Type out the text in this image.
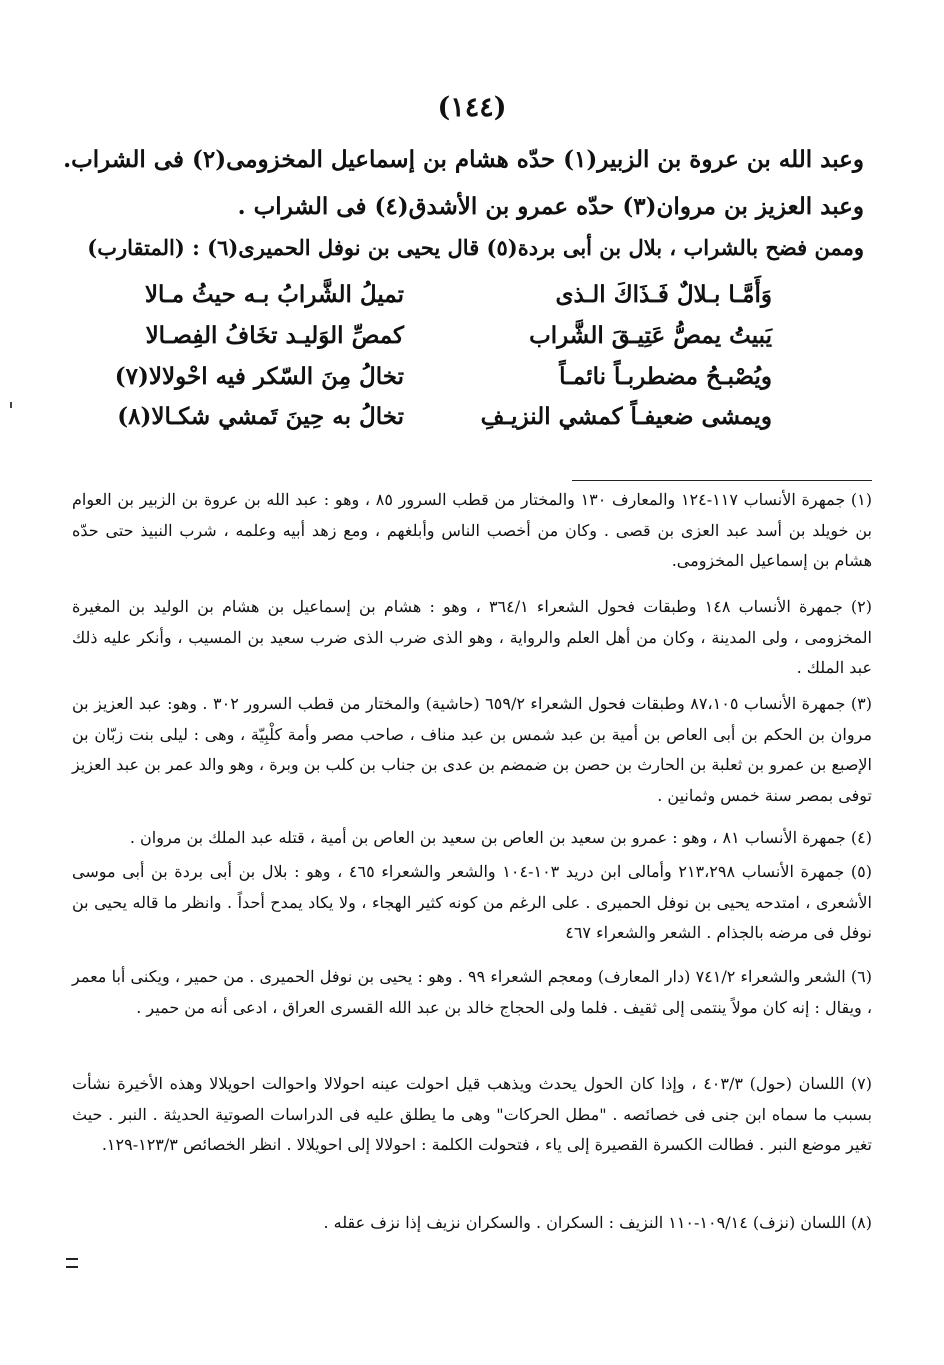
(١٤٤)
وعبد الله بن عروة بن الزبير(١) حدّه هشام بن إسماعيل المخزومى(٢) فى الشراب.
وعبد العزيز بن مروان(٣) حدّه عمرو بن الأشدق(٤) فى الشراب .
وممن فضح بالشراب ، بلال بن أبى بردة(٥) قال يحيى بن نوفل الحميرى(٦) : (المتقارب)
وَأَمَّـا بـلالٌ فَـذَاكَ الـذى
تميلُ الشَّرابُ بـه حيثُ مـالا
يَبيتُ يمصُّ عَتِيـقَ الشَّراب
كمصِّ الوَليـد تخَافُ الفِصـالا
ويُصْبـحُ مضطربـاً نائمـاً
تخالُ مِنَ السّكر فيه احْولالا(٧)
ويمشى ضعيفـاً كمشي النزيـفِ
تخالُ به حِينَ تَمشي شكـالا(٨)
(١) جمهرة الأنساب ١١٧-١٢٤ والمعارف ١٣٠ والمختار من قطب السرور ٨٥ ، وهو : عبد الله بن عروة بن الزبير بن العوام بن خويلد بن أسد عبد العزى بن قصى . وكان من أخصب الناس وأبلغهم ، ومع زهد أبيه وعلمه ، شرب النبيذ حتى حدّه هشام بن إسماعيل المخزومى.
(٢) جمهرة الأنساب ١٤٨ وطبقات فحول الشعراء ٣٦٤/١ ، وهو : هشام بن إسماعيل بن هشام بن الوليد بن المغيرة المخزومى ، ولى المدينة ، وكان من أهل العلم والرواية ، وهو الذى ضرب الذى ضرب سعيد بن المسيب ، وأنكر عليه ذلك عبد الملك .
(٣) جمهرة الأنساب ٨٧،١٠٥ وطبقات فحول الشعراء ٦٥٩/٢ (حاشية) والمختار من قطب السرور ٣٠٢ . وهو: عبد العزيز بن مروان بن الحكم بن أبى العاص بن أمية بن عبد شمس بن عبد مناف ، صاحب مصر وأمة كلْبِيّة ، وهى : ليلى بنت زبّان بن الإصبع بن عمرو بن ثعلبة بن الحارث بن حصن بن ضمضم بن عدى بن جناب بن كلب بن وبرة ، وهو والد عمر بن عبد العزيز توفى بمصر سنة خمس وثمانين .
(٤) جمهرة الأنساب ٨١ ، وهو : عمرو بن سعيد بن العاص بن سعيد بن العاص بن أمية ، قتله عبد الملك بن مروان .
(٥) جمهرة الأنساب ٢١٣،٢٩٨ وأمالى ابن دريد ١٠٣-١٠٤ والشعر والشعراء ٤٦٥ ، وهو : بلال بن أبى بردة بن أبى موسى الأشعرى ، امتدحه يحيى بن نوفل الحميرى . على الرغم من كونه كثير الهجاء ، ولا يكاد يمدح أحداً . وانظر ما قاله يحيى بن نوفل فى مرضه بالجذام . الشعر والشعراء ٤٦٧
(٦) الشعر والشعراء ٧٤١/٢ (دار المعارف) ومعجم الشعراء ٩٩ . وهو : يحيى بن نوفل الحميرى . من حمير ، ويكنى أبا معمر ، ويقال : إنه كان مولاً ينتمى إلى ثقيف . فلما ولى الحجاج خالد بن عبد الله القسرى العراق ، ادعى أنه من حمير .
(٧) اللسان (حول) ٤٠٣/٣ ، وإذا كان الحول يحدث ويذهب قيل احولت عينه احولالا واحوالت احويلالا وهذه الأخيرة نشأت بسبب ما سماه ابن جنى فى خصائصه . "مطل الحركات" وهى ما يطلق عليه فى الدراسات الصوتية الحديثة . النبر . حيث تغير موضع النبر . فطالت الكسرة القصيرة إلى ياء ، فتحولت الكلمة : احولالا إلى احويلالا . انظر الخصائص ١٢٣/٣-١٢٩.
(٨) اللسان (نزف) ١٠٩/١٤-١١٠ النزيف : السكران . والسكران نزيف إذا نزف عقله .
